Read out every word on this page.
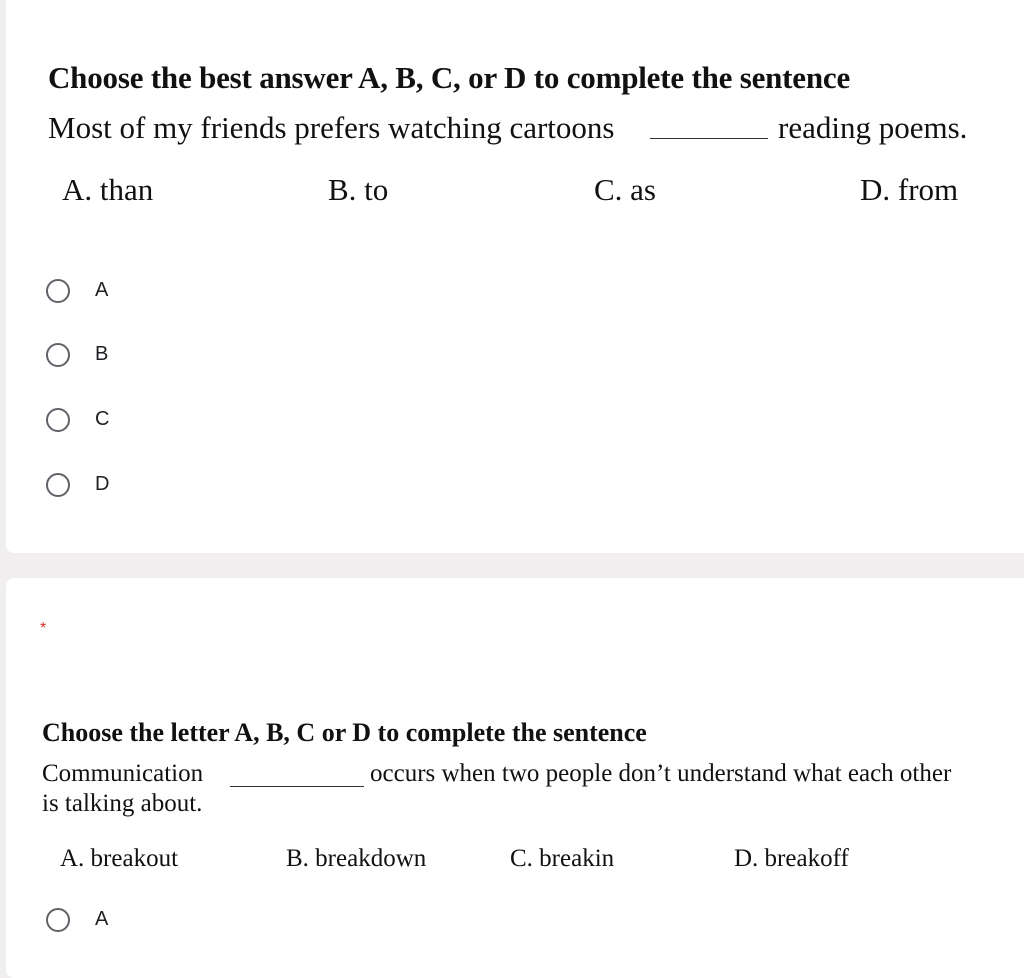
Choose the best answer A, B, C, or D to complete the sentence
Most of my friends prefers watching cartoons	reading poems.
A. than	B. to	C. as	D. from
A
B
C
D
*
Choose the letter A, B, C or D to complete the sentence
Communication	occurs when two people don’t understand what each other
is talking about.
A. breakout	B. breakdown	C. breakin	D. breakoff
A
